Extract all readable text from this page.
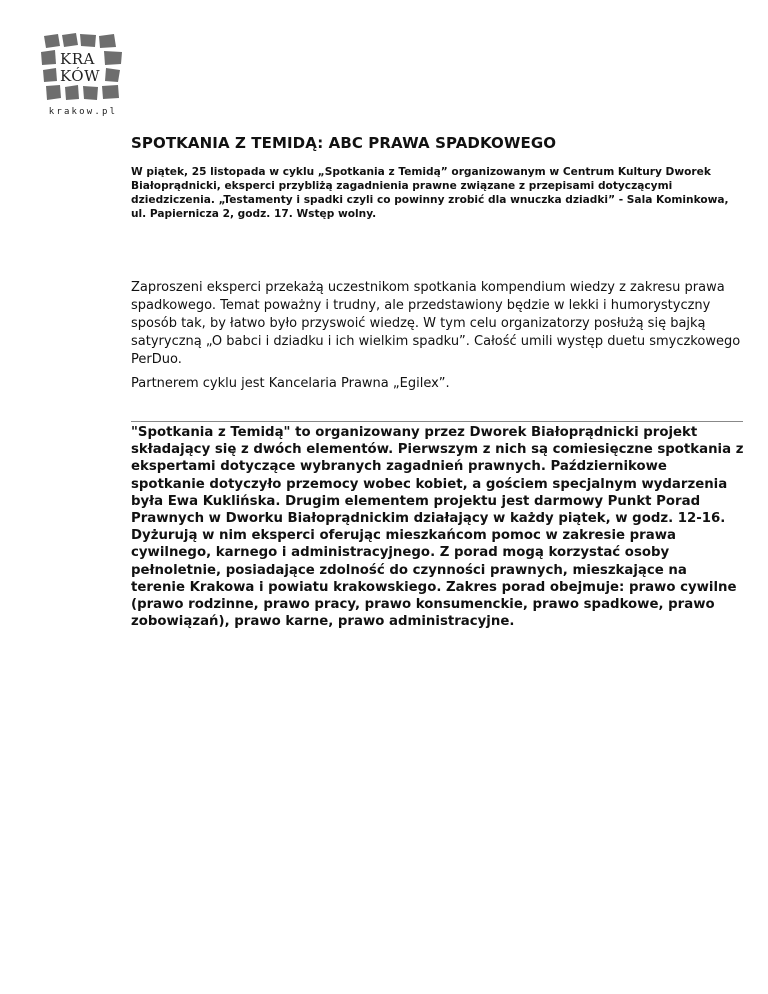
KRA
KÓW
krakow.pl
SPOTKANIA Z TEMIDĄ: ABC PRAWA SPADKOWEGO

W piątek, 25 listopada w cyklu „Spotkania z Temidą” organizowanym w Centrum Kultury Dworek Białoprądnicki, eksperci przybliżą zagadnienia prawne związane z przepisami dotyczącymi dziedziczenia. „Testamenty i spadki czyli co powinny zrobić dla wnuczka dziadki” - Sala Kominkowa, ul. Papiernicza 2, godz. 17. Wstęp wolny.

Zaproszeni eksperci przekażą uczestnikom spotkania kompendium wiedzy z zakresu prawa spadkowego. Temat poważny i trudny, ale przedstawiony będzie w lekki i humorystyczny sposób tak, by łatwo było przyswoić wiedzę. W tym celu organizatorzy posłużą się bajką satyryczną „O babci i dziadku i ich wielkim spadku”. Całość umili występ duetu smyczkowego PerDuo.

Partnerem cyklu jest Kancelaria Prawna „Egilex”.

"Spotkania z Temidą" to organizowany przez Dworek Białoprądnicki projekt składający się z dwóch elementów. Pierwszym z nich są comiesięczne spotkania z ekspertami dotyczące wybranych zagadnień prawnych. Październikowe spotkanie dotyczyło przemocy wobec kobiet, a gościem specjalnym wydarzenia była Ewa Kuklińska. Drugim elementem projektu jest darmowy Punkt Porad Prawnych w Dworku Białoprądnickim działający w każdy piątek, w godz. 12-16. Dyżurują w nim eksperci oferując mieszkańcom pomoc w zakresie prawa cywilnego, karnego i administracyjnego. Z porad mogą korzystać osoby pełnoletnie, posiadające zdolność do czynności prawnych, mieszkające na terenie Krakowa i powiatu krakowskiego. Zakres porad obejmuje: prawo cywilne (prawo rodzinne, prawo pracy, prawo konsumenckie, prawo spadkowe, prawo zobowiązań), prawo karne, prawo administracyjne.
